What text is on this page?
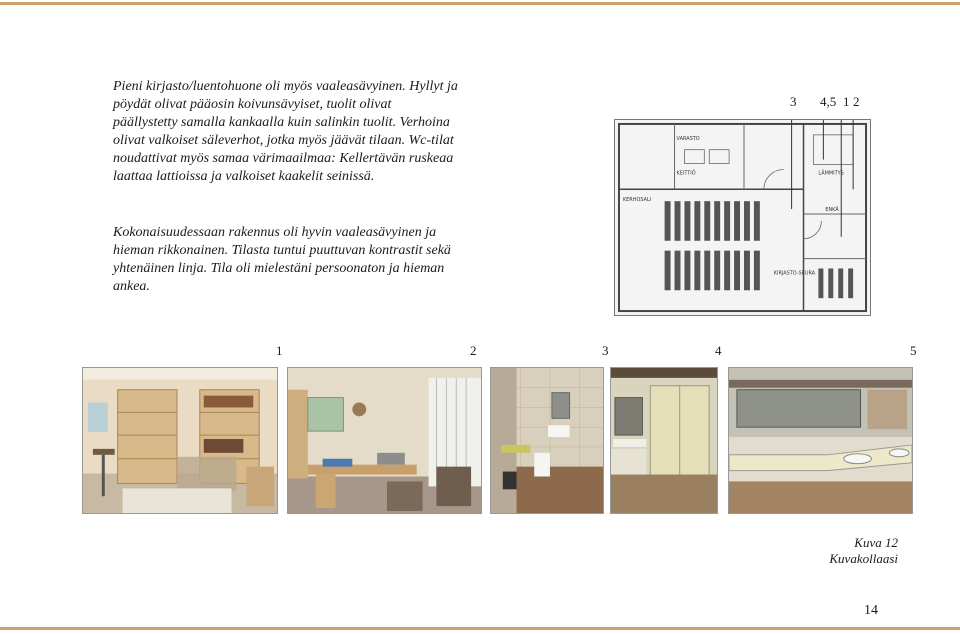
Pieni kirjasto/luentohuone oli myös vaaleasävyinen. Hyllyt ja pöydät olivat pääosin koivunsävyiset, tuolit olivat päällystetty samalla kankaalla kuin salinkin tuolit. Verhoina olivat valkoiset säleverhot, jotka myös jäävät tilaan. Wc-tilat noudattivat myös samaa värimaailmaa: Kellertävän ruskeaa laattaa lattioissa ja valkoiset kaakelit seinissä.

Kokonaisuudessaan rakennus oli hyvin vaaleasävyinen ja hieman rikkonainen. Tilasta tuntui puuttuvan kontrastit sekä yhtenäinen linja. Tila oli mielestäni persoonaton ja hieman ankea.

3 4,5 1 2
VARASTO
KEITTIÖ	LÄMMITYS
KERHOSALI
KIRJASTO-SEURA
ENKÄ
1	2	3	4	5
Kuva 12
Kuvakollaasi
14
